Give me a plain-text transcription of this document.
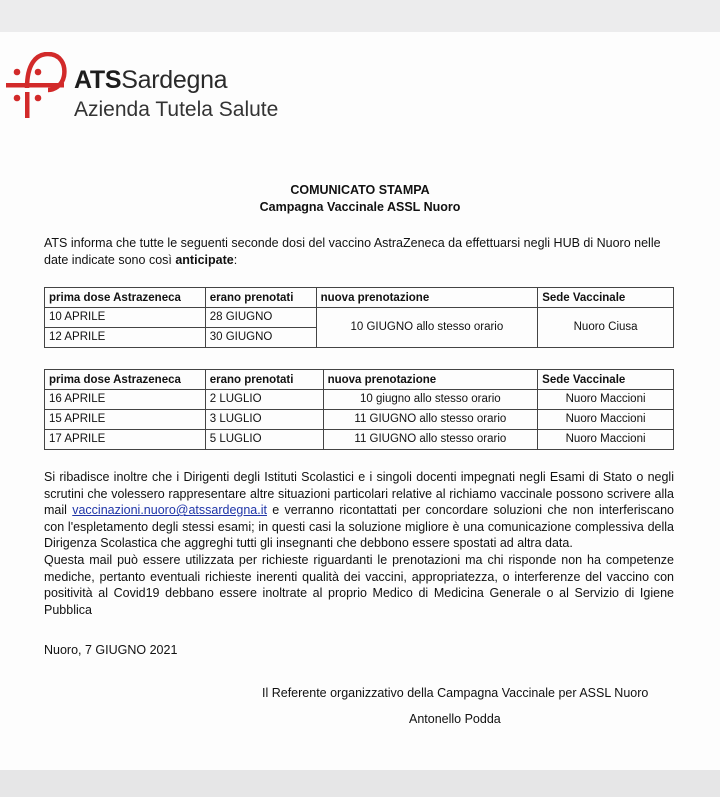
ATSSardegna
Azienda Tutela Salute
COMUNICATO STAMPA
Campagna Vaccinale ASSL Nuoro
ATS informa che tutte le seguenti seconde dosi del vaccino AstraZeneca da effettuarsi negli HUB di Nuoro nelle date indicate sono così anticipate:
prima dose Astrazeneca	erano prenotati	nuova prenotazione	Sede Vaccinale
10 APRILE	28 GIUGNO	10 GIUGNO allo stesso orario	Nuoro Ciusa
12 APRILE	30 GIUGNO		
prima dose Astrazeneca	erano prenotati	nuova prenotazione	Sede Vaccinale
16 APRILE	2 LUGLIO	10 giugno allo stesso orario	Nuoro Maccioni
15 APRILE	3 LUGLIO	11 GIUGNO allo stesso orario	Nuoro Maccioni
17 APRILE	5 LUGLIO	11 GIUGNO allo stesso orario	Nuoro Maccioni
Si ribadisce inoltre che i Dirigenti degli Istituti Scolastici e i singoli docenti impegnati negli Esami di Stato o negli scrutini che volessero rappresentare altre situazioni particolari relative al richiamo vaccinale possono scrivere alla mail vaccinazioni.nuoro@atssardegna.it e verranno ricontattati per concordare soluzioni che non interferiscano con l'espletamento degli stessi esami; in questi casi la soluzione migliore è una comunicazione complessiva della Dirigenza Scolastica che aggreghi tutti gli insegnanti che debbono essere spostati ad altra data.
Questa mail può essere utilizzata per richieste riguardanti le prenotazioni ma chi risponde non ha competenze mediche, pertanto eventuali richieste inerenti qualità dei vaccini, appropriatezza, o interferenze del vaccino con positività al Covid19 debbano essere inoltrate al proprio Medico di Medicina Generale o al Servizio di Igiene Pubblica
Nuoro, 7 GIUGNO 2021
Il Referente organizzativo della Campagna Vaccinale per ASSL Nuoro
Antonello Podda
